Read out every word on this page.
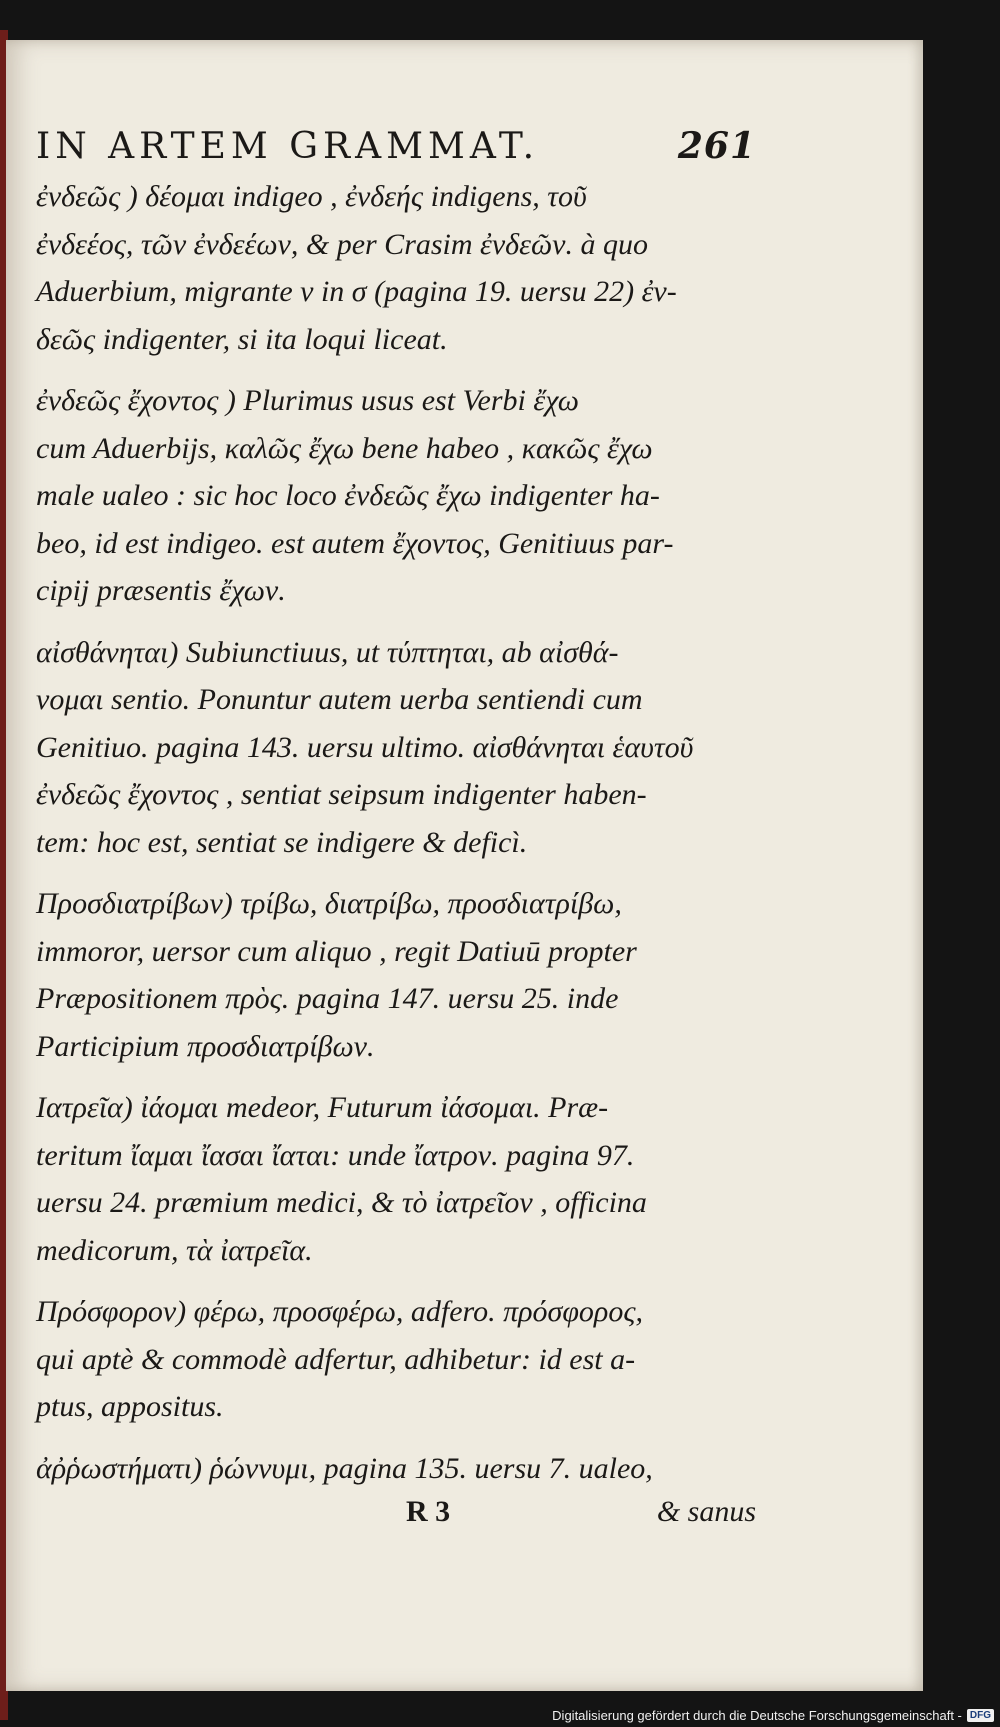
IN ARTEM GRAMMAT.	261

ἐνδεῶς ) δέομαι indigeo , ἐνδεής indigens, τοῦ
ἐνδεέος, τῶν ἐνδεέων, & per Crasim ἐνδεῶν. à quo
Aduerbium, migrante ν in σ (pagina 19. uersu 22) ἐν-
δεῶς indigenter, si ita loqui liceat.

ἐνδεῶς ἔχοντος ) Plurimus usus est Verbi ἔχω
cum Aduerbijs, καλῶς ἔχω bene habeo , κακῶς ἔχω
male ualeo : sic hoc loco ἐνδεῶς ἔχω indigenter ha-
beo, id est indigeo. est autem ἔχοντος, Genitiuus par-
cipij præsentis ἔχων.

αἰσθάνηται) Subiunctiuus, ut τύπτηται, ab αἰσθά-
νομαι sentio. Ponuntur autem uerba sentiendi cum
Genitiuo. pagina 143. uersu ultimo. αἰσθάνηται ἑαυτοῦ
ἐνδεῶς ἔχοντος , sentiat seipsum indigenter haben-
tem: hoc est, sentiat se indigere & deficì.

Προσδιατρίβων) τρίβω, διατρίβω, προσδιατρίβω,
immoror, uersor cum aliquo , regit Datiuū propter
Præpositionem πρὸς. pagina 147. uersu 25. inde
Participium προσδιατρίβων.

Ιατρεῖα) ἰάομαι medeor, Futurum ἰάσομαι. Præ-
teritum ἴαμαι ἴασαι ἴαται: unde ἴατρον. pagina 97.
uersu 24. præmium medici, & τὸ ἰατρεῖον , officina
medicorum, τὰ ἰατρεῖα.

Πρόσφορον) φέρω, προσφέρω, adfero. πρόσφορος,
qui aptè & commodè adfertur, adhibetur: id est a-
ptus, appositus.

ἀῤῥωστήματι) ῥώννυμι, pagina 135. uersu 7. ualeo,

R 3	& sanus
Digitalisierung gefördert durch die Deutsche Forschungsgemeinschaft - DFG
